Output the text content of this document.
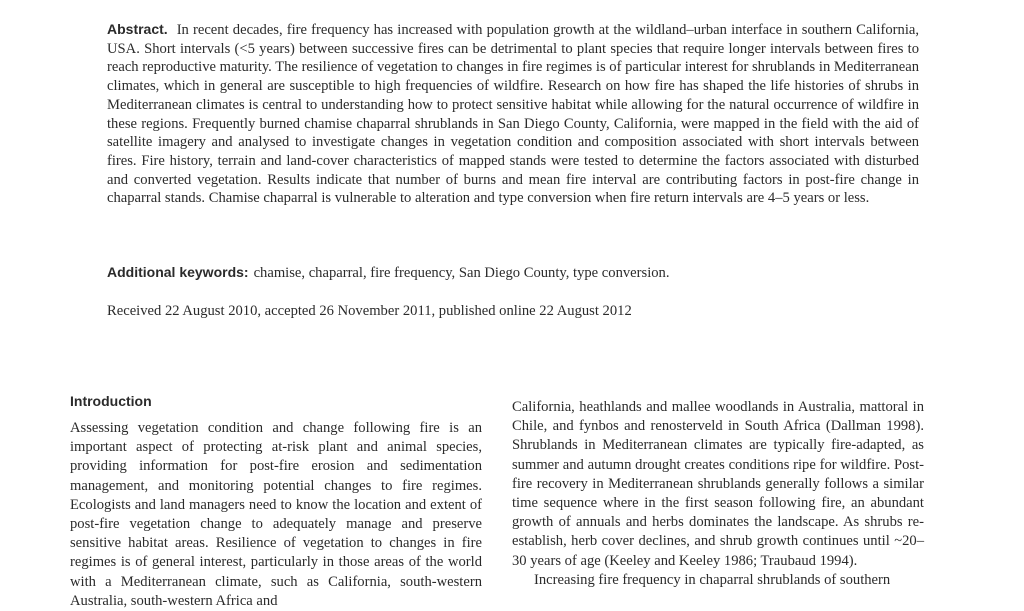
Abstract. In recent decades, fire frequency has increased with population growth at the wildland–urban interface in southern California, USA. Short intervals (<5 years) between successive fires can be detrimental to plant species that require longer intervals between fires to reach reproductive maturity. The resilience of vegetation to changes in fire regimes is of particular interest for shrublands in Mediterranean climates, which in general are susceptible to high frequencies of wildfire. Research on how fire has shaped the life histories of shrubs in Mediterranean climates is central to understanding how to protect sensitive habitat while allowing for the natural occurrence of wildfire in these regions. Frequently burned chamise chaparral shrublands in San Diego County, California, were mapped in the field with the aid of satellite imagery and analysed to investigate changes in vegetation condition and composition associated with short intervals between fires. Fire history, terrain and land-cover characteristics of mapped stands were tested to determine the factors associated with disturbed and converted vegetation. Results indicate that number of burns and mean fire interval are contributing factors in post-fire change in chaparral stands. Chamise chaparral is vulnerable to alteration and type conversion when fire return intervals are 4–5 years or less.
Additional keywords: chamise, chaparral, fire frequency, San Diego County, type conversion.
Received 22 August 2010, accepted 26 November 2011, published online 22 August 2012
Introduction

Assessing vegetation condition and change following fire is an important aspect of protecting at-risk plant and animal species, providing information for post-fire erosion and sedimentation management, and monitoring potential changes to fire regimes. Ecologists and land managers need to know the location and extent of post-fire vegetation change to adequately manage and preserve sensitive habitat areas. Resilience of vegetation to changes in fire regimes is of general interest, particularly in those areas of the world with a Mediterranean climate, such as California, south-western Australia, south-western Africa and

California, heathlands and mallee woodlands in Australia, mattoral in Chile, and fynbos and renosterveld in South Africa (Dallman 1998). Shrublands in Mediterranean climates are typically fire-adapted, as summer and autumn drought creates conditions ripe for wildfire. Post-fire recovery in Mediterranean shrublands generally follows a similar time sequence where in the first season following fire, an abundant growth of annuals and herbs dominates the landscape. As shrubs re-establish, herb cover declines, and shrub growth continues until ~20–30 years of age (Keeley and Keeley 1986; Traubaud 1994).

Increasing fire frequency in chaparral shrublands of southern
